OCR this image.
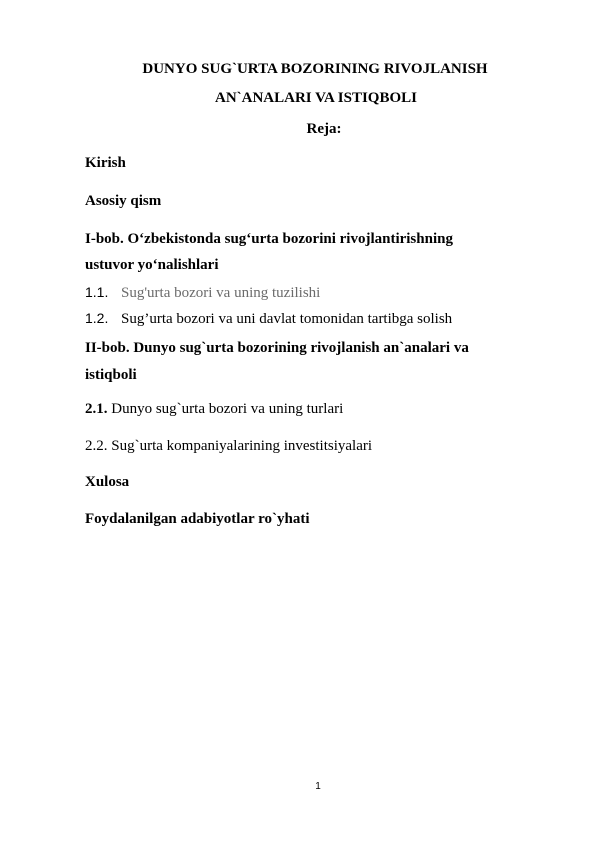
DUNYO SUG`URTA BOZORINING RIVOJLANISH
AN`ANALARI VA ISTIQBOLI
Reja:
Kirish
Asosiy qism
I-bob. O‘zbekistonda sug‘urta bozorini rivojlantirishning
ustuvor yo‘nalishlari
1.1. Sug'urta bozori va uning tuzilishi
1.2. Sug’urta bozori va uni davlat tomonidan tartibga solish
II-bob. Dunyo sug`urta bozorining rivojlanish an`analari va
istiqboli
2.1. Dunyo sug`urta bozori va uning turlari
2.2. Sug`urta kompaniyalarining investitsiyalari
Xulosa
Foydalanilgan adabiyotlar ro`yhati
1
